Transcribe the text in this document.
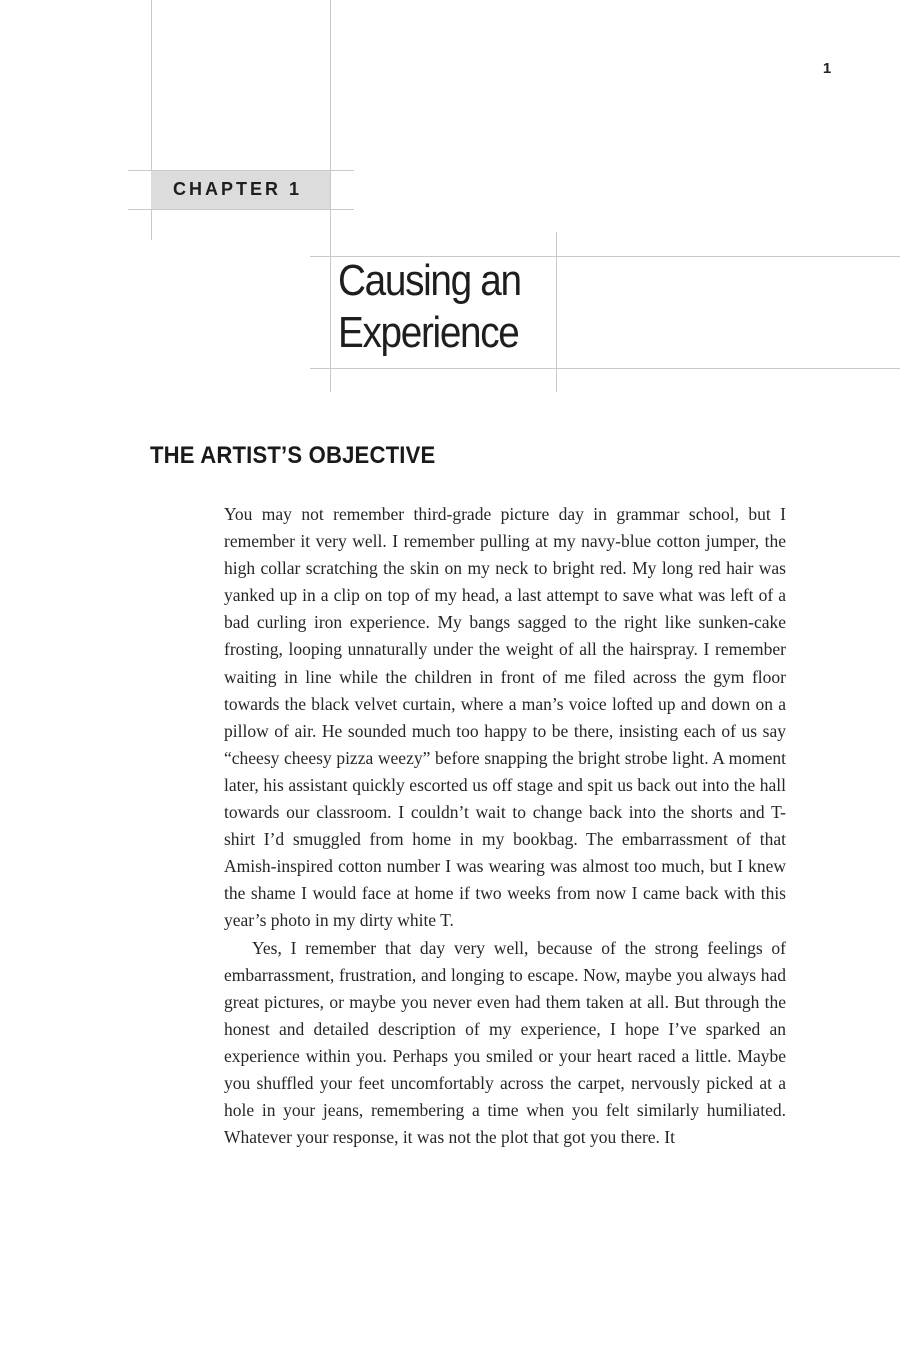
1
CHAPTER 1
Causing an
Experience
THE ARTIST’S OBJECTIVE

You may not remember third-grade picture day in grammar school, but I remember it very well. I remember pulling at my navy-blue cotton jumper, the high collar scratching the skin on my neck to bright red. My long red hair was yanked up in a clip on top of my head, a last attempt to save what was left of a bad curling iron experience. My bangs sagged to the right like sunken-cake frosting, looping unnaturally under the weight of all the hairspray. I remember waiting in line while the children in front of me filed across the gym floor towards the black velvet curtain, where a man’s voice lofted up and down on a pillow of air. He sounded much too happy to be there, insisting each of us say “cheesy cheesy pizza weezy” before snapping the bright strobe light. A moment later, his assistant quickly escorted us off stage and spit us back out into the hall towards our classroom. I couldn’t wait to change back into the shorts and T-shirt I’d smuggled from home in my bookbag. The embarrassment of that Amish-inspired cotton number I was wearing was almost too much, but I knew the shame I would face at home if two weeks from now I came back with this year’s photo in my dirty white T.

Yes, I remember that day very well, because of the strong feelings of embarrassment, frustration, and longing to escape. Now, maybe you always had great pictures, or maybe you never even had them taken at all. But through the honest and detailed description of my experience, I hope I’ve sparked an experience within you. Perhaps you smiled or your heart raced a little. Maybe you shuffled your feet uncomfortably across the carpet, nervously picked at a hole in your jeans, remembering a time when you felt similarly humiliated. Whatever your response, it was not the plot that got you there. It
